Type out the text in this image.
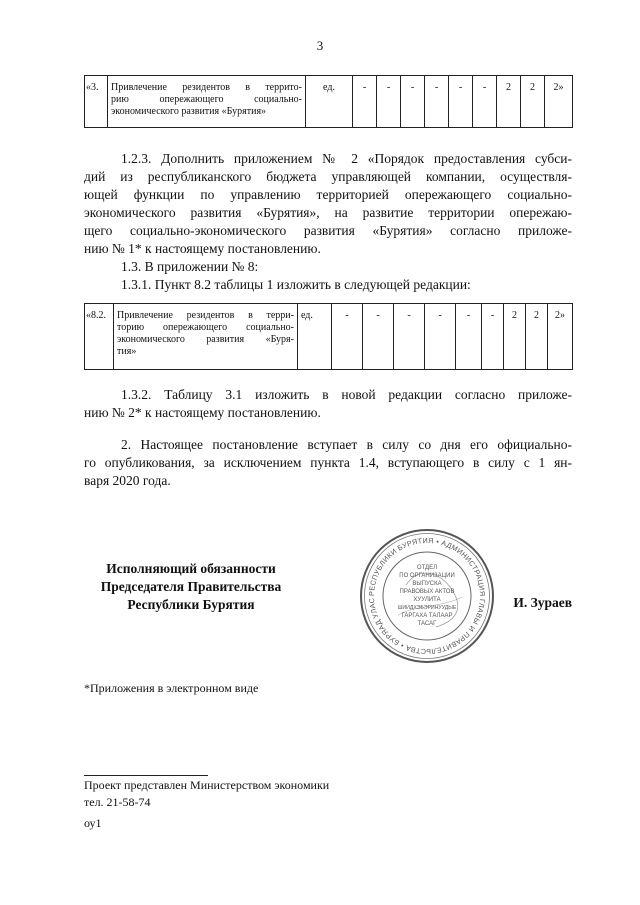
3
«3.	Привлечение резидентов в террито-
рию опережающего социально-
экономического развития «Бурятия»
	ед.	-	-	-	-	-	-	2	2	2»

1.2.3. Дополнить приложением № 2 «Порядок предоставления субси-

дий из республиканского бюджета управляющей компании, осуществля-

ющей функции по управлению территорией опережающего социально-

экономического развития «Бурятия», на развитие территории опережаю-

щего социально-экономического развития «Бурятия» согласно приложе-

нию № 1* к настоящему постановлению.

1.3. В приложении № 8:

1.3.1. Пункт 8.2 таблицы 1 изложить в следующей редакции:

«8.2.	Привлечение резидентов в терри-
торию опережающего социально-
экономического развития «Буря-
тия»
	ед.	-	-	-	-	-	-	2	2	2»

1.3.2. Таблицу 3.1 изложить в новой редакции согласно приложе-

нию № 2* к настоящему постановлению.

2. Настоящее постановление вступает в силу со дня его официально-

го опубликования, за исключением пункта 1.4, вступающего в силу с 1 ян-

варя 2020 года.

Исполняющий обязанности
Председателя Правительства
Республики Бурятия
РЕСПУБЛИКИ БУРЯТИЯ • АДМИНИСТРАЦИЯ ГЛАВЫ И ПРАВИТЕЛЬСТВА • БУРЯАД УЛАС
ОТДЕЛ
ПО ОРГАНИЗАЦИИ
ВЫПУСКА
ПРАВОВЫХ АКТОВ
ХУУЛИТА
ШИИДХЭБЭРИНУУДЫЕ
ГАРГАХА ТАЛААР
ТАСАГ
И. Зураев
*Приложения в электронном виде
Проект представлен Министерством экономики
тел. 21-58-74
оу1
